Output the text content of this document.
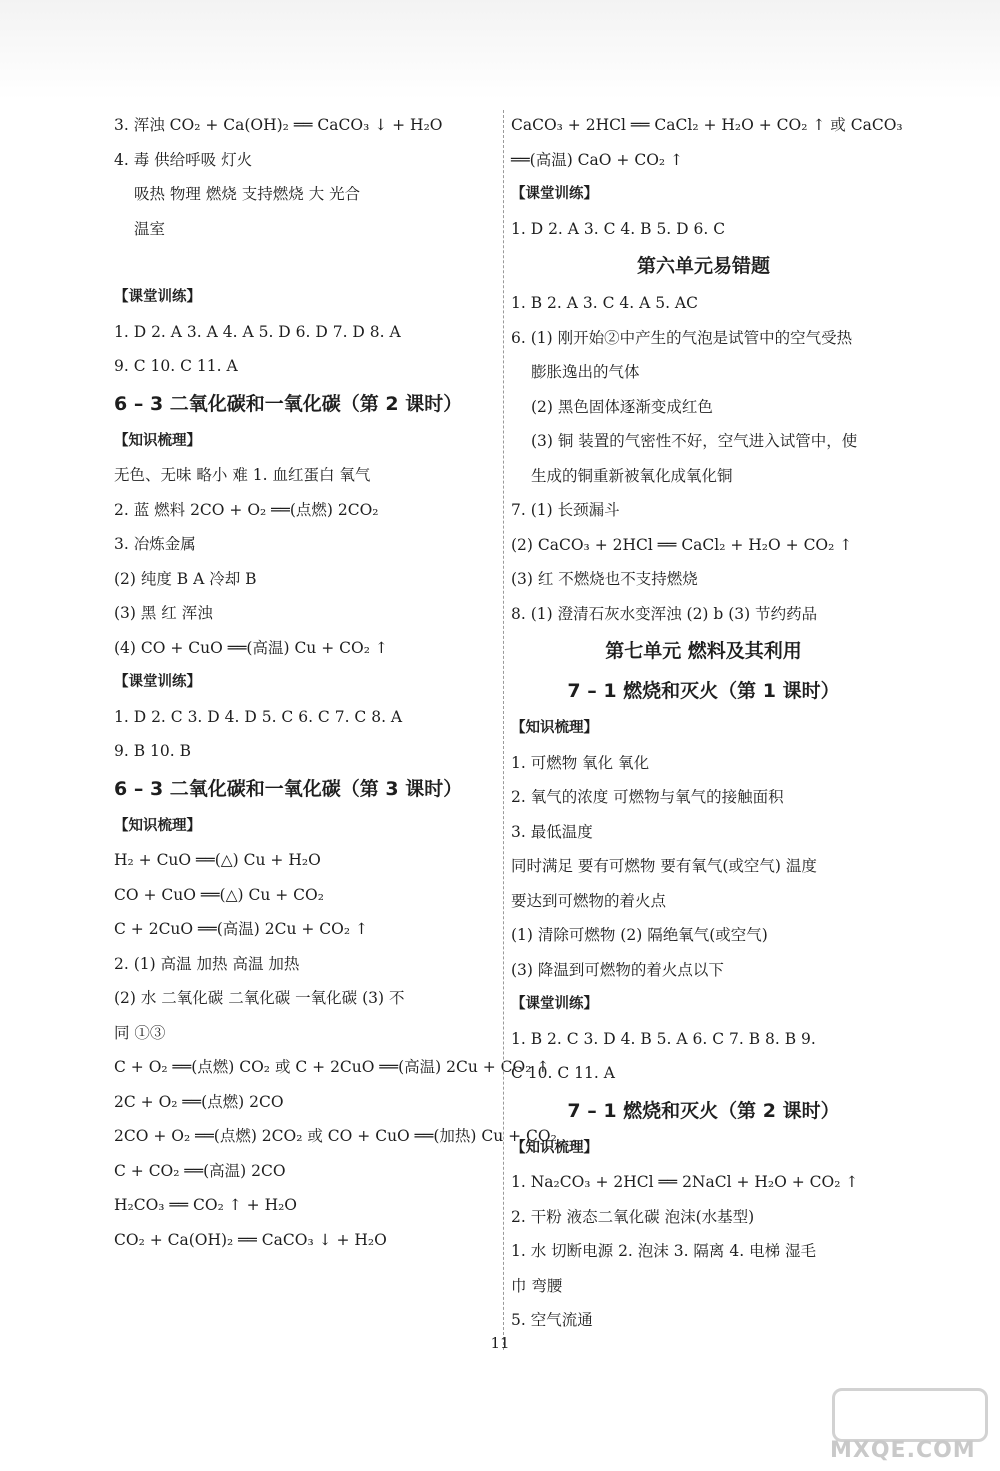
3. 浑浊 CO₂ + Ca(OH)₂ ══ CaCO₃ ↓ + H₂O
4. 毒 供给呼吸 灯火
吸热 物理 燃烧 支持燃烧 大 光合
温室
【课堂训练】
1. D 2. A 3. A 4. A 5. D 6. D 7. D 8. A
9. C 10. C 11. A
6 – 3 二氧化碳和一氧化碳（第 2 课时）
【知识梳理】
无色、无味 略小 难 1. 血红蛋白 氧气
2. 蓝 燃料 2CO + O₂ ══(点燃) 2CO₂
3. 冶炼金属
(2) 纯度 B A 冷却 B
(3) 黑 红 浑浊
(4) CO + CuO ══(高温) Cu + CO₂ ↑
【课堂训练】
1. D 2. C 3. D 4. D 5. C 6. C 7. C 8. A
9. B 10. B
6 – 3 二氧化碳和一氧化碳（第 3 课时）
【知识梳理】
H₂ + CuO ══(△) Cu + H₂O
CO + CuO ══(△) Cu + CO₂
C + 2CuO ══(高温) 2Cu + CO₂ ↑
2. (1) 高温 加热 高温 加热
(2) 水 二氧化碳 二氧化碳 一氧化碳 (3) 不
同 ①③
C + O₂ ══(点燃) CO₂ 或 C + 2CuO ══(高温) 2Cu + CO₂ ↑
2C + O₂ ══(点燃) 2CO
2CO + O₂ ══(点燃) 2CO₂ 或 CO + CuO ══(加热) Cu + CO₂
C + CO₂ ══(高温) 2CO
H₂CO₃ ══ CO₂ ↑ + H₂O
CO₂ + Ca(OH)₂ ══ CaCO₃ ↓ + H₂O
CaCO₃ + 2HCl ══ CaCl₂ + H₂O + CO₂ ↑ 或 CaCO₃
══(高温) CaO + CO₂ ↑
【课堂训练】
1. D 2. A 3. C 4. B 5. D 6. C
第六单元易错题
1. B 2. A 3. C 4. A 5. AC
6. (1) 刚开始②中产生的气泡是试管中的空气受热
膨胀逸出的气体
(2) 黑色固体逐渐变成红色
(3) 铜 装置的气密性不好，空气进入试管中，使
生成的铜重新被氧化成氧化铜
7. (1) 长颈漏斗
(2) CaCO₃ + 2HCl ══ CaCl₂ + H₂O + CO₂ ↑
(3) 红 不燃烧也不支持燃烧
8. (1) 澄清石灰水变浑浊 (2) b (3) 节约药品
第七单元 燃料及其利用
7 – 1 燃烧和灭火（第 1 课时）
【知识梳理】
1. 可燃物 氧化 氧化
2. 氧气的浓度 可燃物与氧气的接触面积
3. 最低温度
同时满足 要有可燃物 要有氧气(或空气) 温度
要达到可燃物的着火点
(1) 清除可燃物 (2) 隔绝氧气(或空气)
(3) 降温到可燃物的着火点以下
【课堂训练】
1. B 2. C 3. D 4. B 5. A 6. C 7. B 8. B 9.
C 10. C 11. A
7 – 1 燃烧和灭火（第 2 课时）
【知识梳理】
1. Na₂CO₃ + 2HCl ══ 2NaCl + H₂O + CO₂ ↑
2. 干粉 液态二氧化碳 泡沫(水基型)
1. 水 切断电源 2. 泡沫 3. 隔离 4. 电梯 湿毛
巾 弯腰
5. 空气流通
11
MXQE.COM
